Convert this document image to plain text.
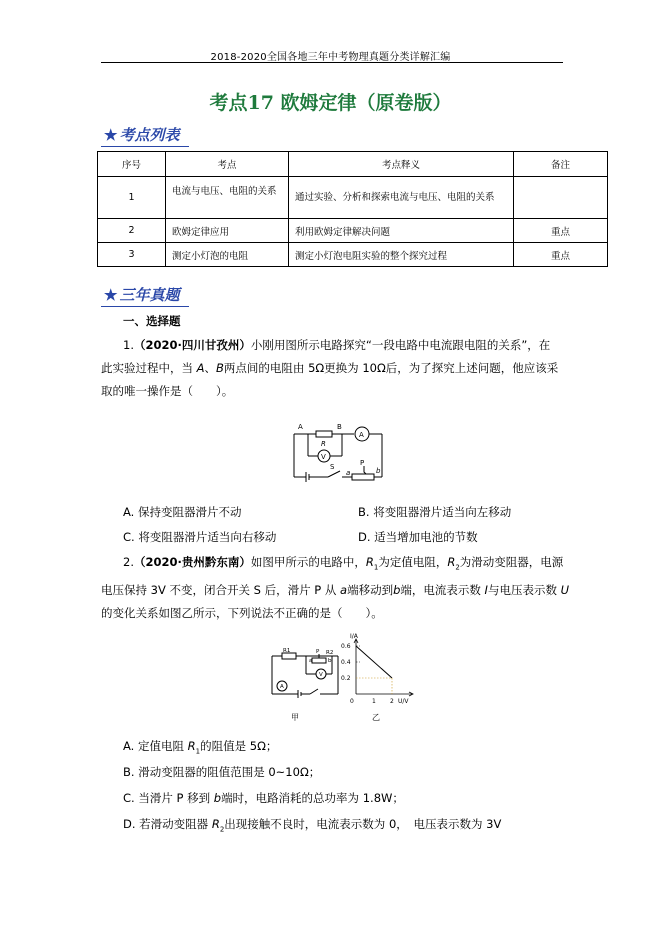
2018-2020全国各地三年中考物理真题分类详解汇编
考点17 欧姆定律（原卷版）
★ 考点列表
序号	考点	考点释义	备注
1	电流与电压、电阻的关系	通过实验、分析和探索电流与电压、电阻的关系	
2	欧姆定律应用	利用欧姆定律解决问题	重点
3	测定小灯泡的电阻	测定小灯泡电阻实验的整个探究过程	重点
★ 三年真题
一、选择题
1.（2020·四川甘孜州）小刚用图所示电路探究“一段电路中电流跟电阻的关系”，在
此实验过程中，当 A、B两点间的电阻由 5Ω更换为 10Ω后，为了探究上述问题，他应该采
取的唯一操作是（　　）。
A	B
R
V
A
S	P
a	b
A. 保持变阻器滑片不动	B. 将变阻器滑片适当向左移动
C. 将变阻器滑片适当向右移动	D. 适当增加电池的节数
2.（2020·贵州黔东南）如图甲所示的电路中，$R_1$为定值电阻，$R_2$为滑动变阻器，电源
电压保持 3V 不变，闭合开关 S 后，滑片 P 从 a端移动到b端，电流表示数 I与电压表示数 U
的变化关系如图乙所示，下列说法不正确的是（　　）。
R1	R2
P
a	b
V
A
甲
I/A
U/V
0
0.6
0.4
0.2
1 2
乙
A. 定值电阻 $R_1$的阻值是 5Ω；
B. 滑动变阻器的阻值范围是 0~10Ω；
C. 当滑片 P 移到 b端时，电路消耗的总功率为 1.8W；
D. 若滑动变阻器 $R_2$出现接触不良时，电流表示数为 0，　电压表示数为 3V
